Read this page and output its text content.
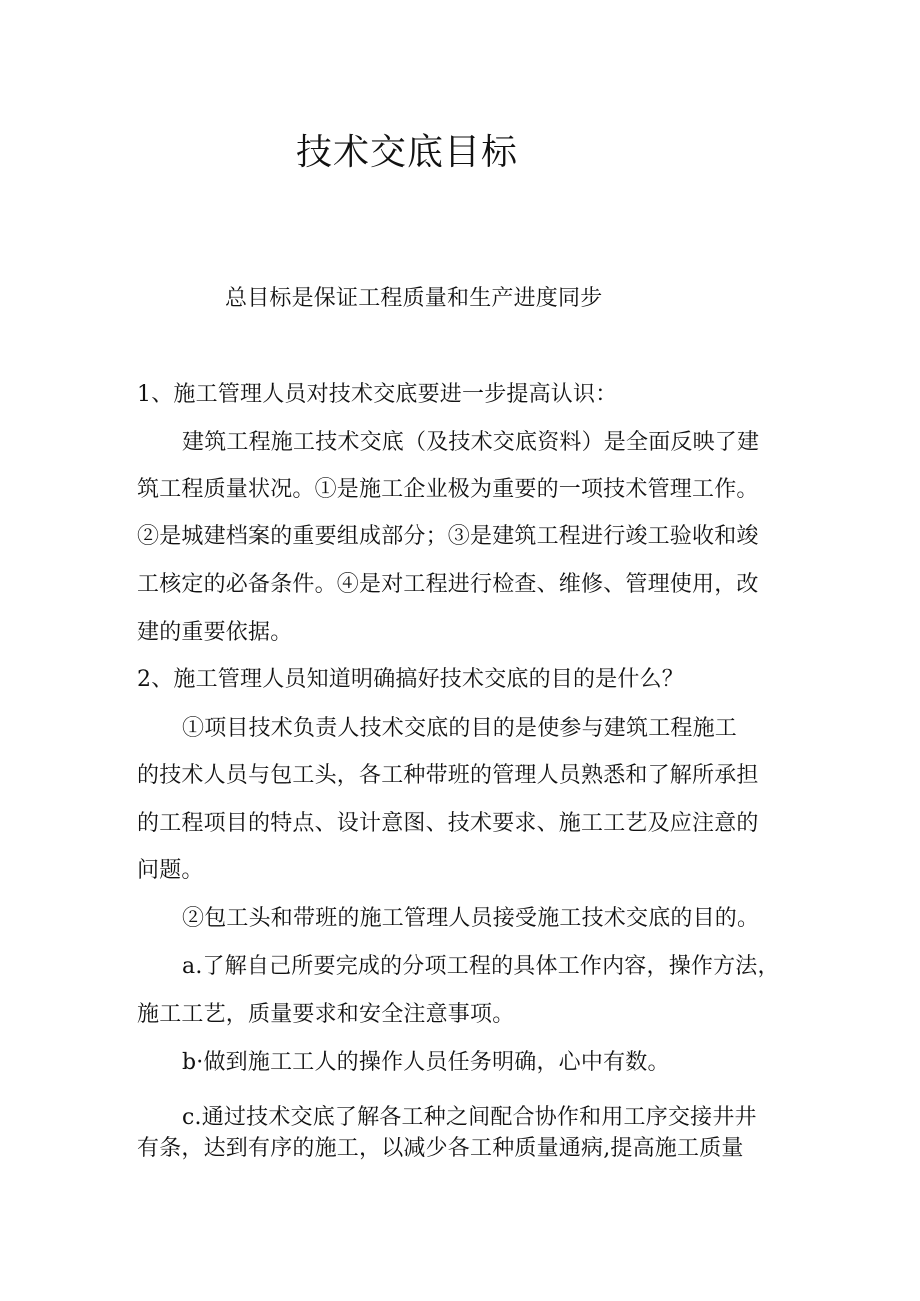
技术交底目标
总目标是保证工程质量和生产进度同步
1、施工管理人员对技术交底要进一步提高认识：
建筑工程施工技术交底（及技术交底资料）是全面反映了建
筑工程质量状况。①是施工企业极为重要的一项技术管理工作。
②是城建档案的重要组成部分；③是建筑工程进行竣工验收和竣
工核定的必备条件。④是对工程进行检查、维修、管理使用，改
建的重要依据。
2、施工管理人员知道明确搞好技术交底的目的是什么？
①项目技术负责人技术交底的目的是使参与建筑工程施工
的技术人员与包工头，各工种带班的管理人员熟悉和了解所承担
的工程项目的特点、设计意图、技术要求、施工工艺及应注意的
问题。
②包工头和带班的施工管理人员接受施工技术交底的目的。
a.了解自己所要完成的分项工程的具体工作内容，操作方法，
施工工艺，质量要求和安全注意事项。
b·做到施工工人的操作人员任务明确，心中有数。
c.通过技术交底了解各工种之间配合协作和用工序交接井井
有条，达到有序的施工，以减少各工种质量通病,提高施工质量
